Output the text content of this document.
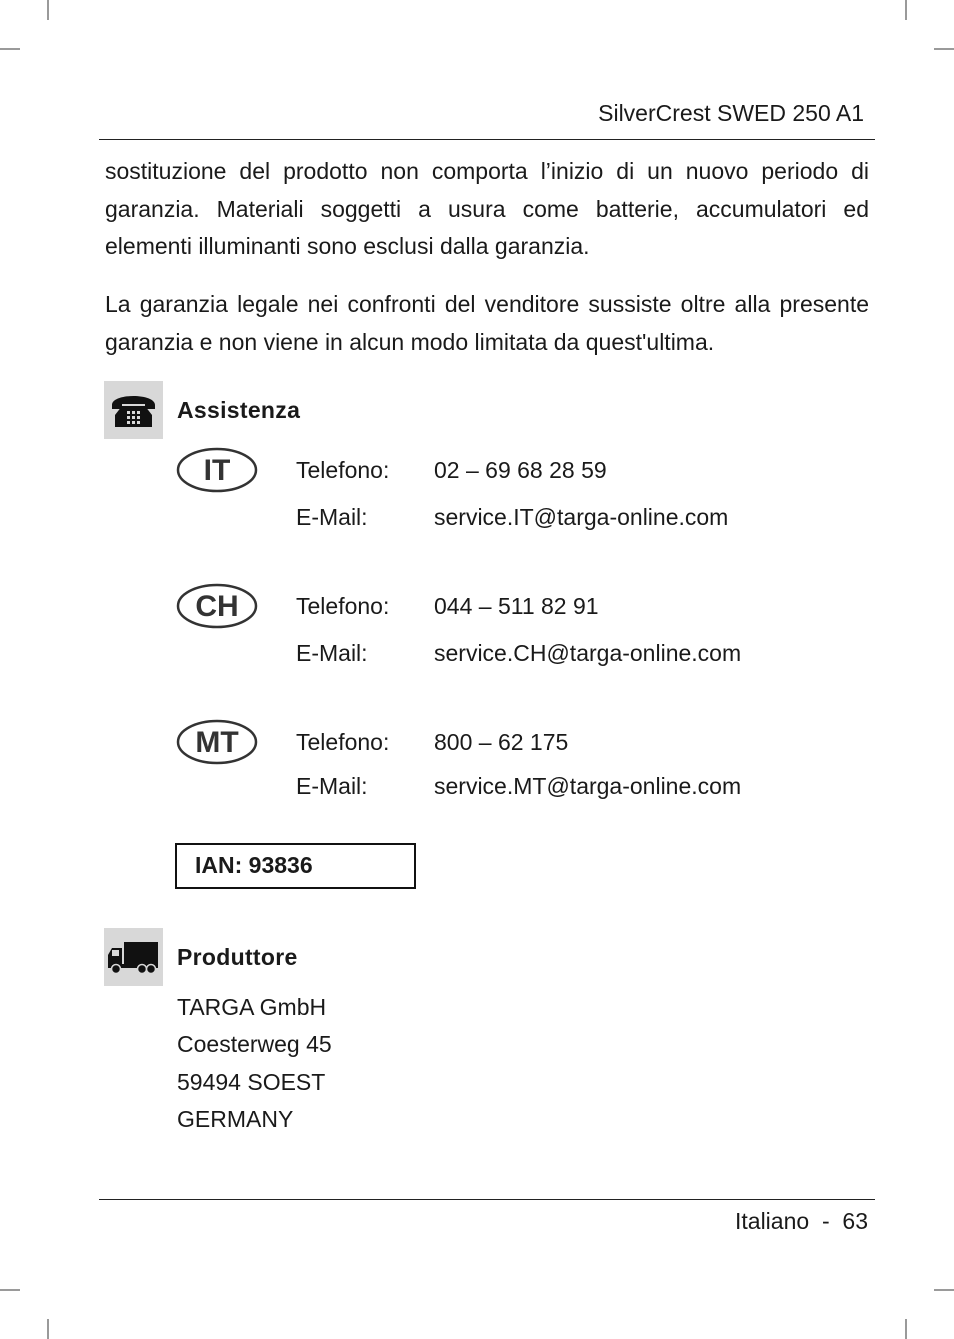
SilverCrest SWED 250 A1

sostituzione del prodotto non comporta l’inizio di un nuovo periodo di garanzia. Materiali soggetti a usura come batterie, accumulatori ed elementi illuminanti sono esclusi dalla garanzia.

La garanzia legale nei confronti del venditore sussiste oltre alla presente garanzia e non viene in alcun modo limitata da quest'ultima.

Assistenza
IT	Telefono: 02 – 69 68 28 59
E-Mail:	service.IT@targa-online.com
CH Telefono: 044 – 511 82 91
E-Mail:	service.CH@targa-online.com
MT Telefono: 800 – 62 175
E-Mail:	service.MT@targa-online.com
IAN: 93836
Produttore
TARGA GmbH
Coesterweg 45
59494 SOEST
GERMANY
Italiano - 63
